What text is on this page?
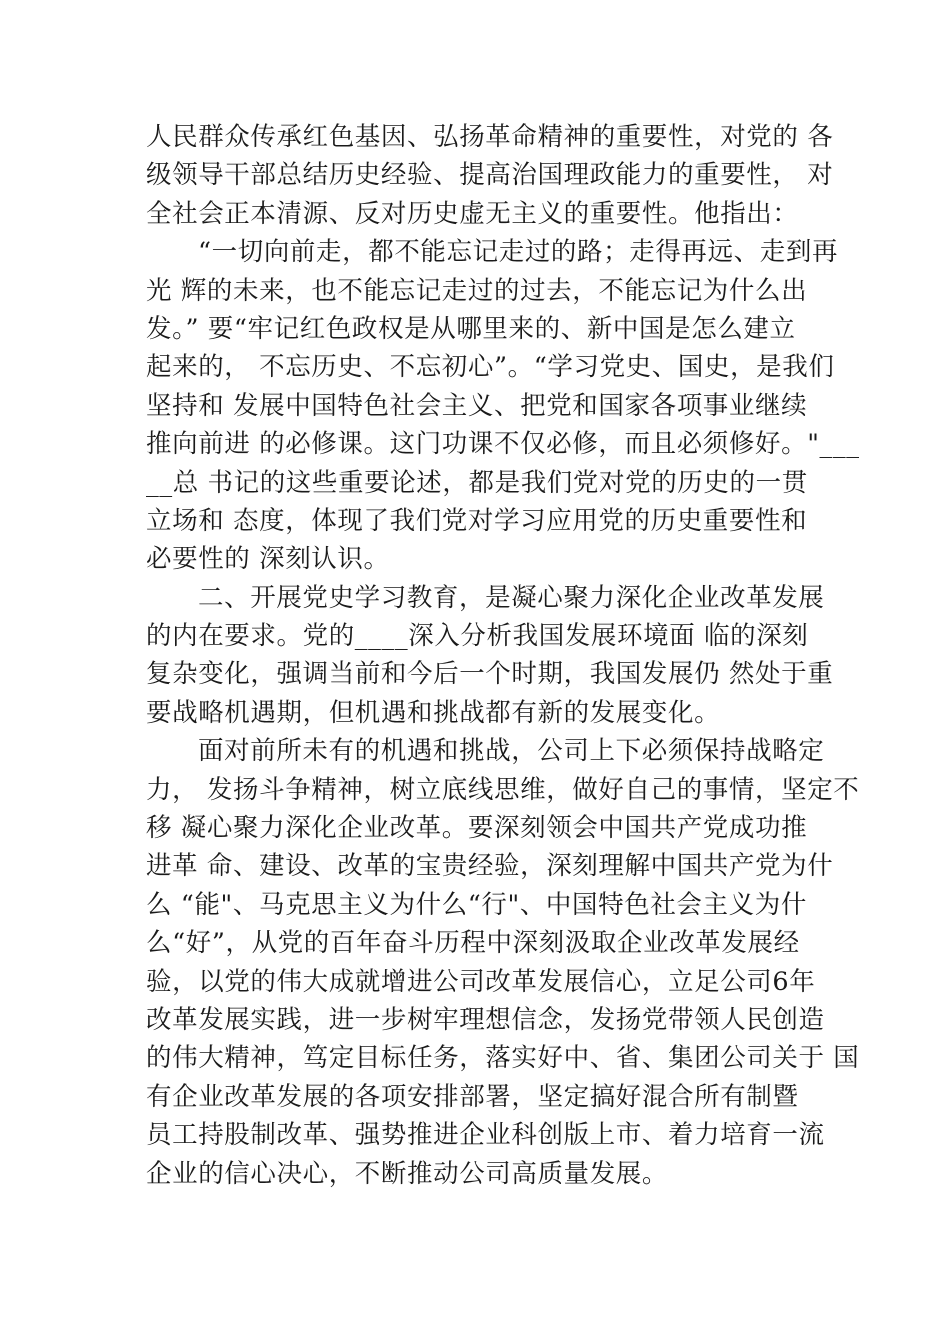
人民群众传承红色基因、弘扬革命精神的重要性，对党的 各
级领导干部总结历史经验、提高治国理政能力的重要性， 对
全社会正本清源、反对历史虚无主义的重要性。他指出：
“一切向前走，都不能忘记走过的路；走得再远、走到再
光 辉的未来，也不能忘记走过的过去，不能忘记为什么出
发。” 要“牢记红色政权是从哪里来的、新中国是怎么建立
起来的， 不忘历史、不忘初心”。“学习党史、国史，是我们
坚持和 发展中国特色社会主义、把党和国家各项事业继续
推向前进 的必修课。这门功课不仅必修，而且必须修好。"___
__总 书记的这些重要论述，都是我们党对党的历史的一贯
立场和 态度，体现了我们党对学习应用党的历史重要性和
必要性的 深刻认识。
二、开展党史学习教育，是凝心聚力深化企业改革发展
的内在要求。党的____深入分析我国发展环境面 临的深刻
复杂变化，强调当前和今后一个时期，我国发展仍 然处于重
要战略机遇期，但机遇和挑战都有新的发展变化。
面对前所未有的机遇和挑战，公司上下必须保持战略定
力， 发扬斗争精神，树立底线思维，做好自己的事情，坚定不
移 凝心聚力深化企业改革。要深刻领会中国共产党成功推
进革 命、建设、改革的宝贵经验，深刻理解中国共产党为什
么 “能"、马克思主义为什么“行"、中国特色社会主义为什
么“好”，从党的百年奋斗历程中深刻汲取企业改革发展经
验，以党的伟大成就增进公司改革发展信心，立足公司6年
改革发展实践，进一步树牢理想信念，发扬党带领人民创造
的伟大精神，笃定目标任务，落实好中、省、集团公司关于 国
有企业改革发展的各项安排部署，坚定搞好混合所有制暨
员工持股制改革、强势推进企业科创版上市、着力培育一流
企业的信心决心，不断推动公司高质量发展。
